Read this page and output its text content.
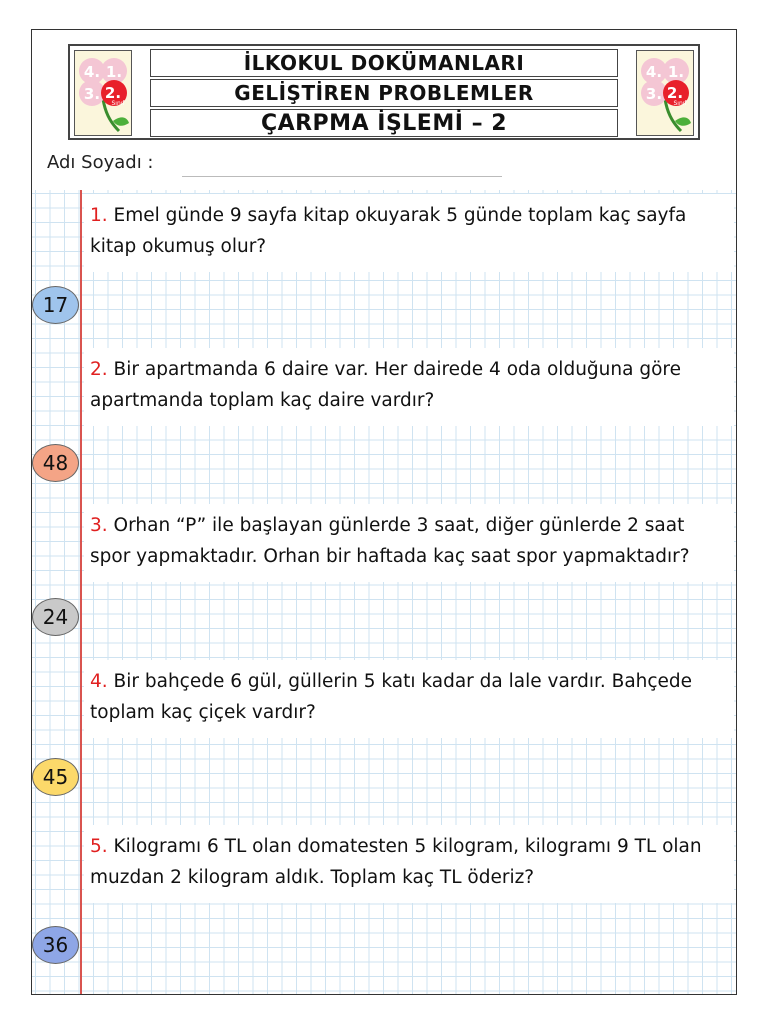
4. 1.
3. 2.
Sınıf
İLKOKUL DOKÜMANLARI
GELİŞTİREN PROBLEMLER
ÇARPMA İŞLEMİ – 2
4. 1.
3. 2.
Sınıf
Adı Soyadı :
1. Emel günde 9 sayfa kitap okuyarak 5 günde toplam kaç sayfa kitap okumuş olur?
17
2. Bir apartmanda 6 daire var. Her dairede 4 oda olduğuna göre apartmanda toplam kaç daire vardır?
48
3. Orhan “P” ile başlayan günlerde 3 saat, diğer günlerde 2 saat spor yapmaktadır. Orhan bir haftada kaç saat spor yapmaktadır?
24
4. Bir bahçede 6 gül, güllerin 5 katı kadar da lale vardır. Bahçede toplam kaç çiçek vardır?
45
5. Kilogramı 6 TL olan domatesten 5 kilogram, kilogramı 9 TL olan muzdan 2 kilogram aldık. Toplam kaç TL öderiz?
36
